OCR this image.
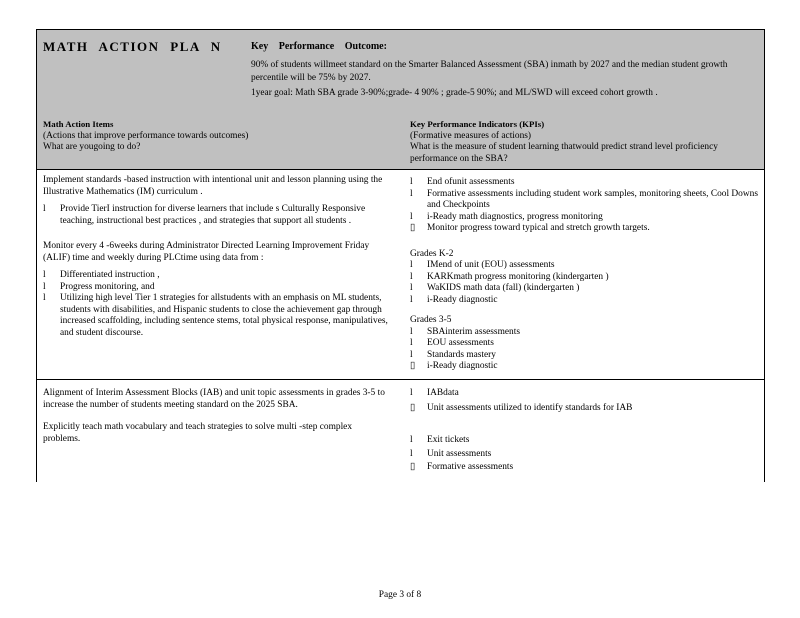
MATH ACTION PLA N	Key Performance Outcome:
90% of students willmeet standard on the Smarter Balanced Assessment (SBA) inmath by 2027 and the median student growth percentile will be 75% by 2027.
1year goal: Math SBA grade 3-90%;grade- 4 90% ; grade-5 90%; and ML/SWD will exceed cohort growth .
Math Action Items
(Actions that improve performance towards outcomes)
What are yougoing to do?
Key Performance Indicators (KPIs)
(Formative measures of actions)
What is the measure of student learning thatwould predict strand level proficiency performance on the SBA?

Implement standards -based instruction with intentional unit and lesson planning using the Illustrative Mathematics (IM) curriculum .

l Provide TierI instruction for diverse learners that include s Culturally Responsive teaching, instructional best practices , and strategies that support all students .

Monitor every 4 -6weeks during Administrator Directed Learning Improvement Friday (ALIF) time and weekly during PLCtime using data from :

l Differentiated instruction ,
l Progress monitoring, and
l Utilizing high level Tier 1 strategies for allstudents with an emphasis on ML students, students with disabilities, and Hispanic students to close the achievement gap through increased scaffolding, including sentence stems, total physical response, manipulatives, and student discourse.
l End ofunit assessments
l Formative assessments including student work samples, monitoring sheets, Cool Downs and Checkpoints
l i-Ready math diagnostics, progress monitoring
▯ Monitor progress toward typical and stretch growth targets.
Grades K-2
l IMend of unit (EOU) assessments
l KARKmath progress monitoring (kindergarten )
l WaKIDS math data (fall) (kindergarten )
l i-Ready diagnostic
Grades 3-5
l SBAinterim assessments
l EOU assessments
l Standards mastery
▯ i-Ready diagnostic

Alignment of Interim Assessment Blocks (IAB) and unit topic assessments in grades 3-5 to increase the number of students meeting standard on the 2025 SBA.

Explicitly teach math vocabulary and teach strategies to solve multi -step complex problems.

l IABdata
▯ Unit assessments utilized to identify standards for IAB
l Exit tickets
l Unit assessments
▯ Formative assessments
Page 3 of 8
